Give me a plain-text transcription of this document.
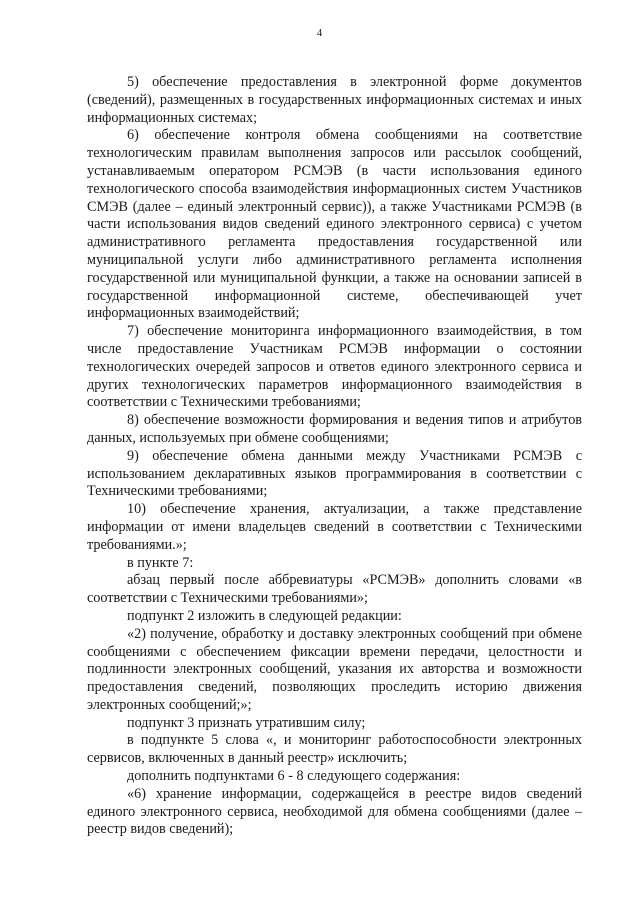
4

5) обеспечение предоставления в электронной форме документов (сведений), размещенных в государственных информационных системах и иных информационных системах;

6) обеспечение контроля обмена сообщениями на соответствие технологическим правилам выполнения запросов или рассылок сообщений, устанавливаемым оператором РСМЭВ (в части использования единого технологического способа взаимодействия информационных систем Участников СМЭВ (далее – единый электронный сервис)), а также Участниками РСМЭВ (в части использования видов сведений единого электронного сервиса) с учетом административного регламента предоставления государственной или муниципальной услуги либо административного регламента исполнения государственной или муниципальной функции, а также на основании записей в государственной информационной системе, обеспечивающей учет информационных взаимодействий;

7) обеспечение мониторинга информационного взаимодействия, в том числе предоставление Участникам РСМЭВ информации о состоянии технологических очередей запросов и ответов единого электронного сервиса и других технологических параметров информационного взаимодействия в соответствии с Техническими требованиями;

8) обеспечение возможности формирования и ведения типов и атрибутов данных, используемых при обмене сообщениями;

9) обеспечение обмена данными между Участниками РСМЭВ с использованием декларативных языков программирования в соответствии с Техническими требованиями;

10) обеспечение хранения, актуализации, а также представление информации от имени владельцев сведений в соответствии с Техническими требованиями.»;

в пункте 7:

абзац первый после аббревиатуры «РСМЭВ» дополнить словами «в соответствии с Техническими требованиями»;

подпункт 2 изложить в следующей редакции:

«2) получение, обработку и доставку электронных сообщений при обмене сообщениями с обеспечением фиксации времени передачи, целостности и подлинности электронных сообщений, указания их авторства и возможности предоставления сведений, позволяющих проследить историю движения электронных сообщений;»;

подпункт 3 признать утратившим силу;

в подпункте 5 слова «, и мониторинг работоспособности электронных сервисов, включенных в данный реестр» исключить;

дополнить подпунктами 6 - 8 следующего содержания:

«6) хранение информации, содержащейся в реестре видов сведений единого электронного сервиса, необходимой для обмена сообщениями (далее – реестр видов сведений);
